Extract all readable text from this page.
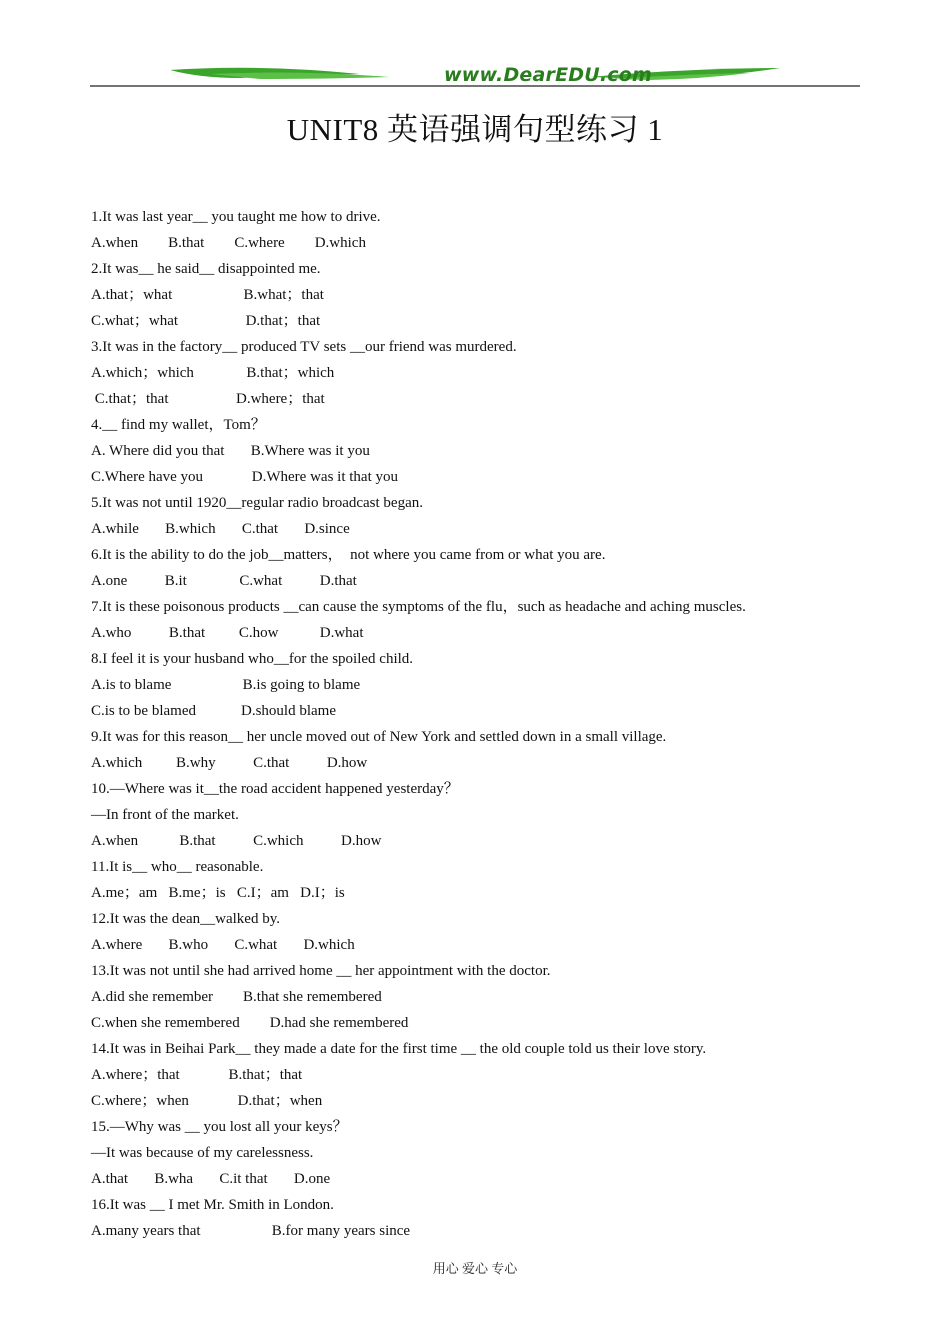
www.DearEDU.com
UNIT8 英语强调句型练习 1
1.It was last year__ you taught me how to drive.
A.when        B.that        C.where        D.which
2.It was__ he said__ disappointed me.
A.that；what                   B.what；that
C.what；what                  D.that；that
3.It was in the factory__ produced TV sets __our friend was murdered.
A.which；which              B.that；which
C.that；that                  D.where；that
4.__ find my wallet，Tom？
A. Where did you that       B.Where was it you
C.Where have you             D.Where was it that you
5.It was not until 1920__regular radio broadcast began.
A.while       B.which       C.that       D.since
6.It is the ability to do the job__matters，  not where you came from or what you are.
A.one          B.it              C.what          D.that
7.It is these poisonous products __can cause the symptoms of the flu，such as headache and aching muscles.
A.who          B.that         C.how           D.what
8.I feel it is your husband who__for the spoiled child.
A.is to blame                   B.is going to blame
C.is to be blamed            D.should blame
9.It was for this reason__ her uncle moved out of New York and settled down in a small village.
A.which         B.why          C.that          D.how
10.—Where was it__the road accident happened yesterday？
—In front of the market.
A.when           B.that          C.which          D.how
11.It is__ who__ reasonable.
A.me；am   B.me；is   C.I；am   D.I；is
12.It was the dean__walked by.
A.where       B.who       C.what       D.which
13.It was not until she had arrived home __ her appointment with the doctor.
A.did she remember        B.that she remembered
C.when she remembered        D.had she remembered
14.It was in Beihai Park__ they made a date for the first time __ the old couple told us their love story.
A.where；that             B.that；that
C.where；when             D.that；when
15.—Why was __ you lost all your keys？
—It was because of my carelessness.
A.that       B.wha       C.it that       D.one
16.It was __ I met Mr. Smith in London.
A.many years that                   B.for many years since
用心 爱心 专心
